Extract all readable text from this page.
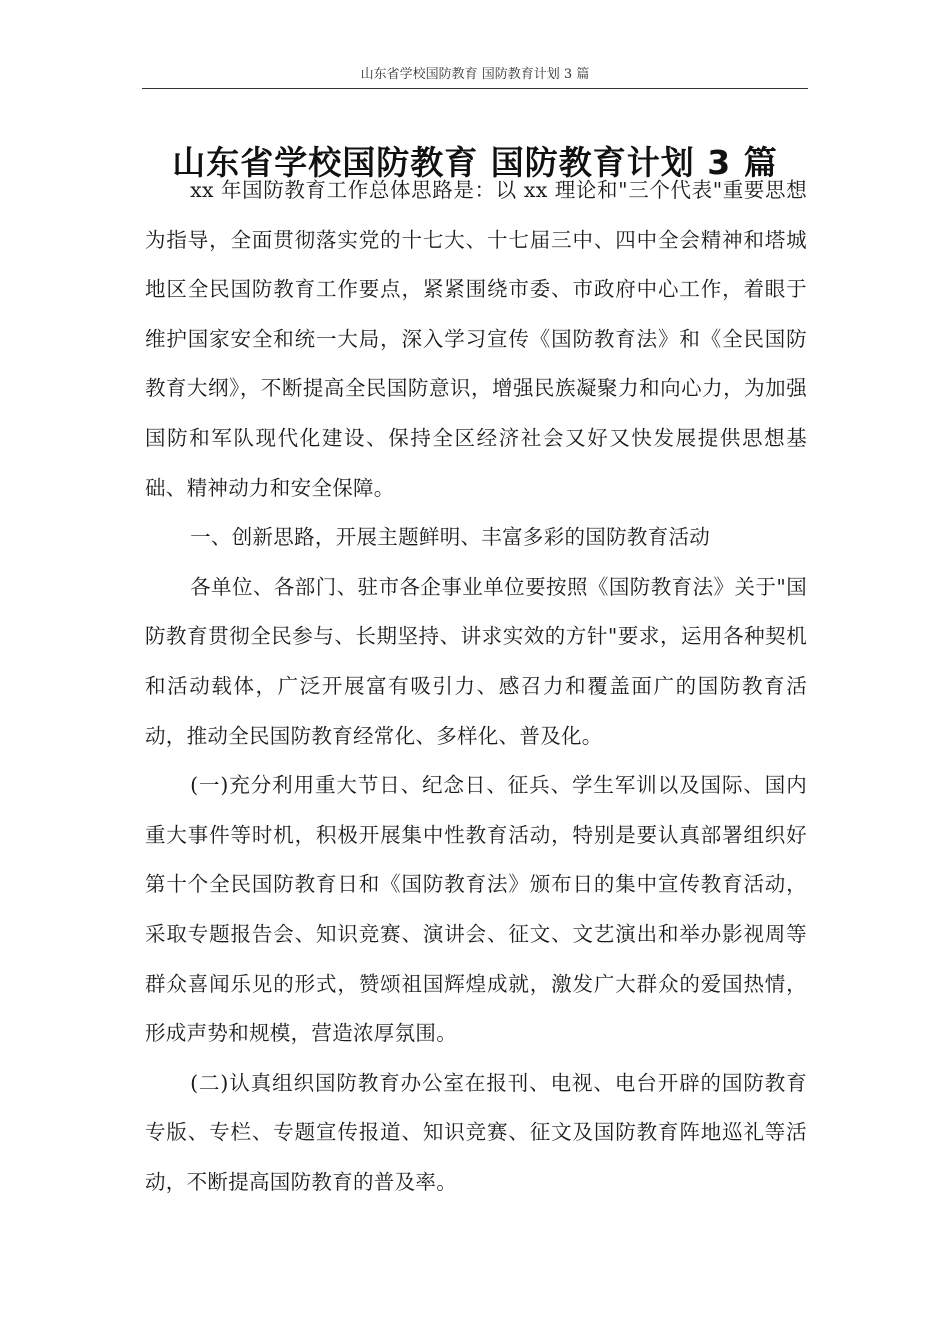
山东省学校国防教育 国防教育计划 3 篇
山东省学校国防教育 国防教育计划 3 篇

xx 年国防教育工作总体思路是：以 xx 理论和"三个代表"重要思想为指导，全面贯彻落实党的十七大、十七届三中、四中全会精神和塔城地区全民国防教育工作要点，紧紧围绕市委、市政府中心工作，着眼于维护国家安全和统一大局，深入学习宣传《国防教育法》和《全民国防教育大纲》，不断提高全民国防意识，增强民族凝聚力和向心力，为加强国防和军队现代化建设、保持全区经济社会又好又快发展提供思想基础、精神动力和安全保障。

一、创新思路，开展主题鲜明、丰富多彩的国防教育活动

各单位、各部门、驻市各企事业单位要按照《国防教育法》关于"国防教育贯彻全民参与、长期坚持、讲求实效的方针"要求，运用各种契机和活动载体，广泛开展富有吸引力、感召力和覆盖面广的国防教育活动，推动全民国防教育经常化、多样化、普及化。

(一)充分利用重大节日、纪念日、征兵、学生军训以及国际、国内重大事件等时机，积极开展集中性教育活动，特别是要认真部署组织好第十个全民国防教育日和《国防教育法》颁布日的集中宣传教育活动，采取专题报告会、知识竞赛、演讲会、征文、文艺演出和举办影视周等群众喜闻乐见的形式，赞颂祖国辉煌成就，激发广大群众的爱国热情，形成声势和规模，营造浓厚氛围。

(二)认真组织国防教育办公室在报刊、电视、电台开辟的国防教育专版、专栏、专题宣传报道、知识竞赛、征文及国防教育阵地巡礼等活动，不断提高国防教育的普及率。
